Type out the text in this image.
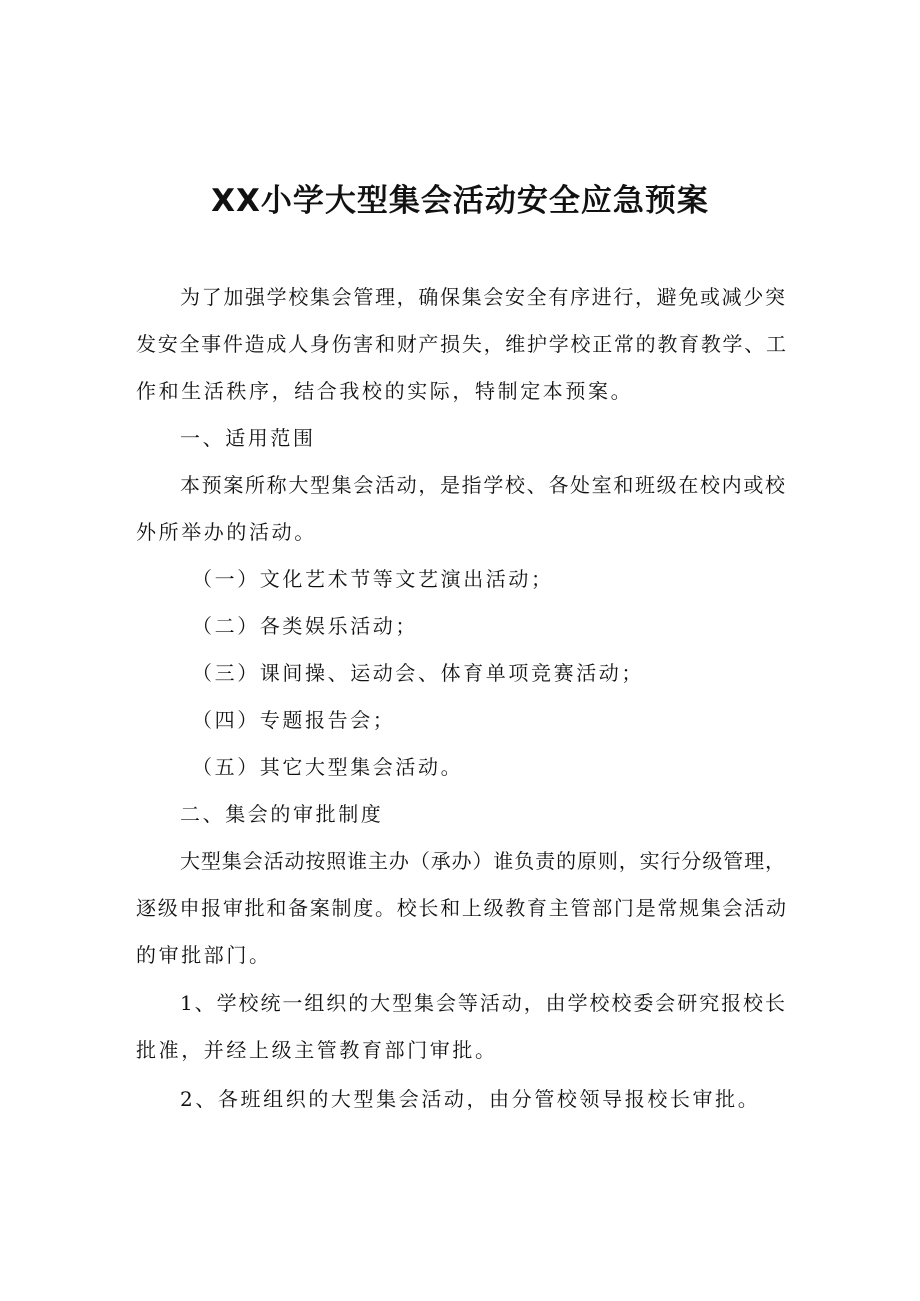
XX小学大型集会活动安全应急预案
为了加强学校集会管理，确保集会安全有序进行，避免或减少突
发安全事件造成人身伤害和财产损失，维护学校正常的教育教学、工
作和生活秩序，结合我校的实际，特制定本预案。
一、适用范围
本预案所称大型集会活动，是指学校、各处室和班级在校内或校
外所举办的活动。
（一）文化艺术节等文艺演出活动；
（二）各类娱乐活动；
（三）课间操、运动会、体育单项竞赛活动；
（四）专题报告会；
（五）其它大型集会活动。
二、集会的审批制度
大型集会活动按照谁主办（承办）谁负责的原则，实行分级管理，
逐级申报审批和备案制度。校长和上级教育主管部门是常规集会活动
的审批部门。
1、学校统一组织的大型集会等活动，由学校校委会研究报校长
批准，并经上级主管教育部门审批。
2、各班组织的大型集会活动，由分管校领导报校长审批。
